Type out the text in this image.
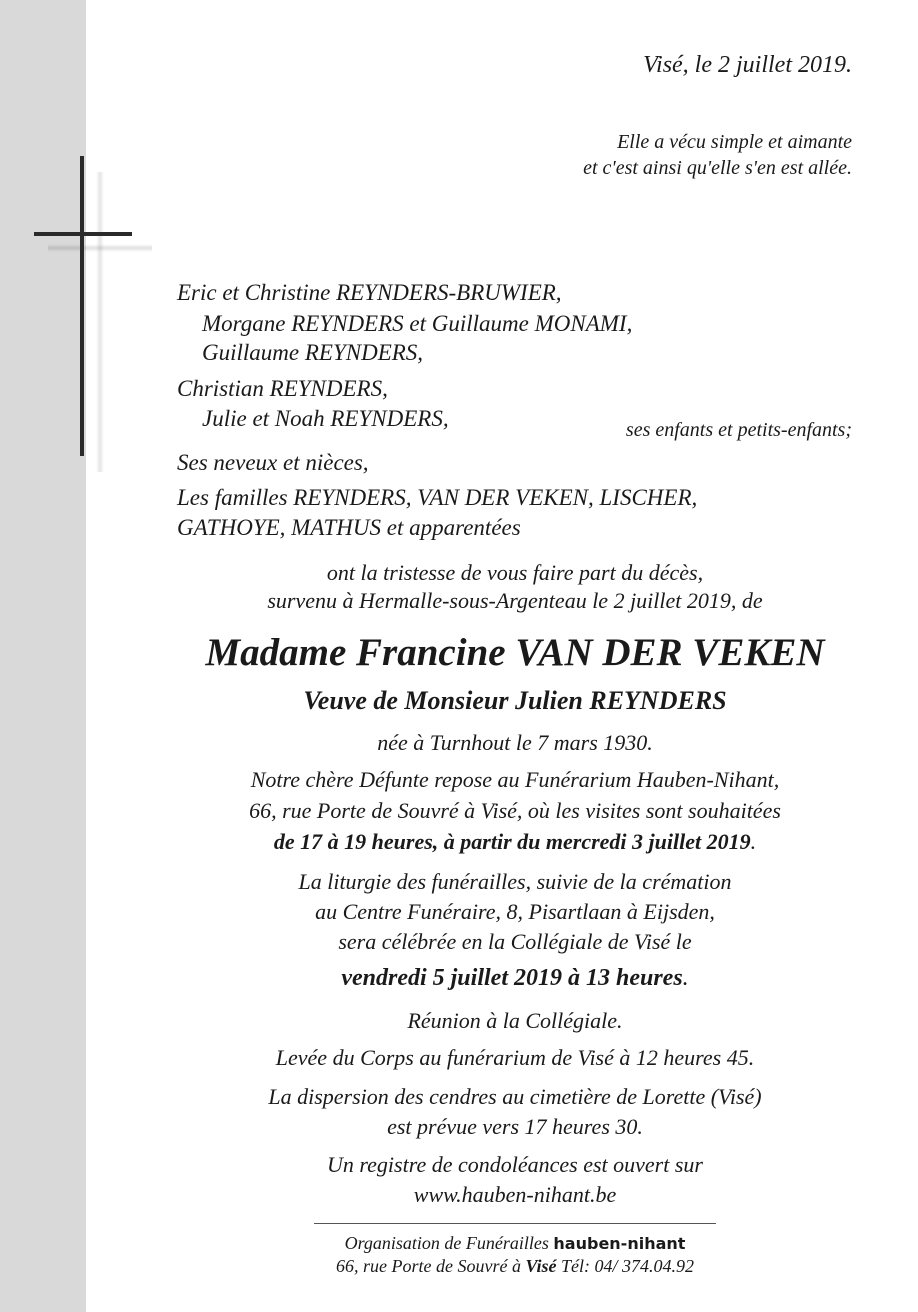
Visé, le 2 juillet 2019.
Elle a vécu simple et aimante
et c'est ainsi qu'elle s'en est allée.
Eric et Christine REYNDERS-BRUWIER,
Morgane REYNDERS et Guillaume MONAMI,
Guillaume REYNDERS,
Christian REYNDERS,
Julie et Noah REYNDERS,	ses enfants et petits-enfants;
Ses neveux et nièces,
Les familles REYNDERS, VAN DER VEKEN, LISCHER,
GATHOYE, MATHUS et apparentées
ont la tristesse de vous faire part du décès,
survenu à Hermalle-sous-Argenteau le 2 juillet 2019, de
Madame Francine VAN DER VEKEN
Veuve de Monsieur Julien REYNDERS
née à Turnhout le 7 mars 1930.
Notre chère Défunte repose au Funérarium Hauben-Nihant,
66, rue Porte de Souvré à Visé, où les visites sont souhaitées
de 17 à 19 heures, à partir du mercredi 3 juillet 2019.
La liturgie des funérailles, suivie de la crémation
au Centre Funéraire, 8, Pisartlaan à Eijsden,
sera célébrée en la Collégiale de Visé le
vendredi 5 juillet 2019 à 13 heures.
Réunion à la Collégiale.
Levée du Corps au funérarium de Visé à 12 heures 45.
La dispersion des cendres au cimetière de Lorette (Visé)
est prévue vers 17 heures 30.
Un registre de condoléances est ouvert sur
www.hauben-nihant.be
Organisation de Funérailles hauben-nihant
66, rue Porte de Souvré à Visé Tél: 04/ 374.04.92
